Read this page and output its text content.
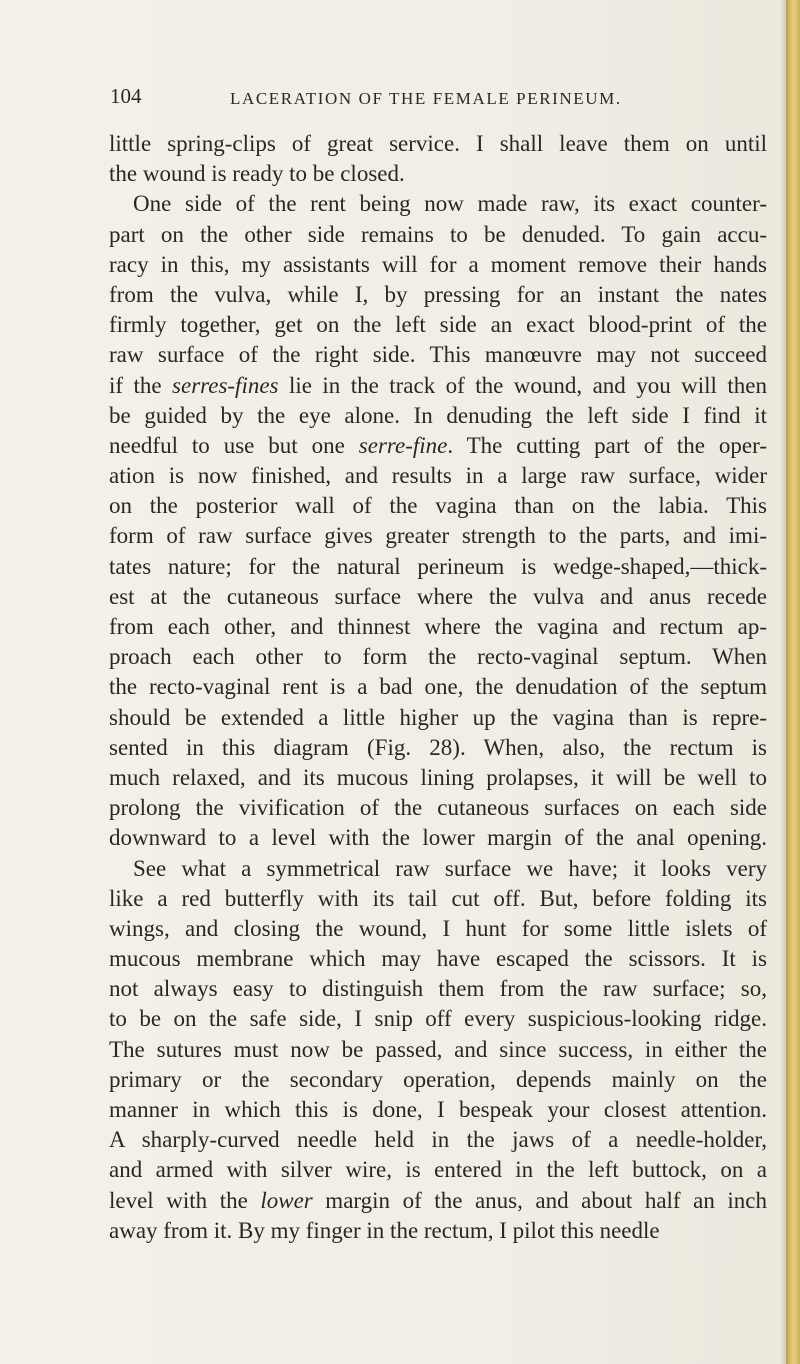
104	LACERATION OF THE FEMALE PERINEUM.
little spring-clips of great service. I shall leave them on until
the wound is ready to be closed.
One side of the rent being now made raw, its exact counter-
part on the other side remains to be denuded. To gain accu-
racy in this, my assistants will for a moment remove their hands
from the vulva, while I, by pressing for an instant the nates
firmly together, get on the left side an exact blood-print of the
raw surface of the right side. This manœuvre may not succeed
if the serres-fines lie in the track of the wound, and you will then
be guided by the eye alone. In denuding the left side I find it
needful to use but one serre-fine. The cutting part of the oper-
ation is now finished, and results in a large raw surface, wider
on the posterior wall of the vagina than on the labia. This
form of raw surface gives greater strength to the parts, and imi-
tates nature; for the natural perineum is wedge-shaped,—thick-
est at the cutaneous surface where the vulva and anus recede
from each other, and thinnest where the vagina and rectum ap-
proach each other to form the recto-vaginal septum. When
the recto-vaginal rent is a bad one, the denudation of the septum
should be extended a little higher up the vagina than is repre-
sented in this diagram (Fig. 28). When, also, the rectum is
much relaxed, and its mucous lining prolapses, it will be well to
prolong the vivification of the cutaneous surfaces on each side
downward to a level with the lower margin of the anal opening.
See what a symmetrical raw surface we have; it looks very
like a red butterfly with its tail cut off. But, before folding its
wings, and closing the wound, I hunt for some little islets of
mucous membrane which may have escaped the scissors. It is
not always easy to distinguish them from the raw surface; so,
to be on the safe side, I snip off every suspicious-looking ridge.
The sutures must now be passed, and since success, in either the
primary or the secondary operation, depends mainly on the
manner in which this is done, I bespeak your closest attention.
A sharply-curved needle held in the jaws of a needle-holder,
and armed with silver wire, is entered in the left buttock, on a
level with the lower margin of the anus, and about half an inch
away from it. By my finger in the rectum, I pilot this needle
